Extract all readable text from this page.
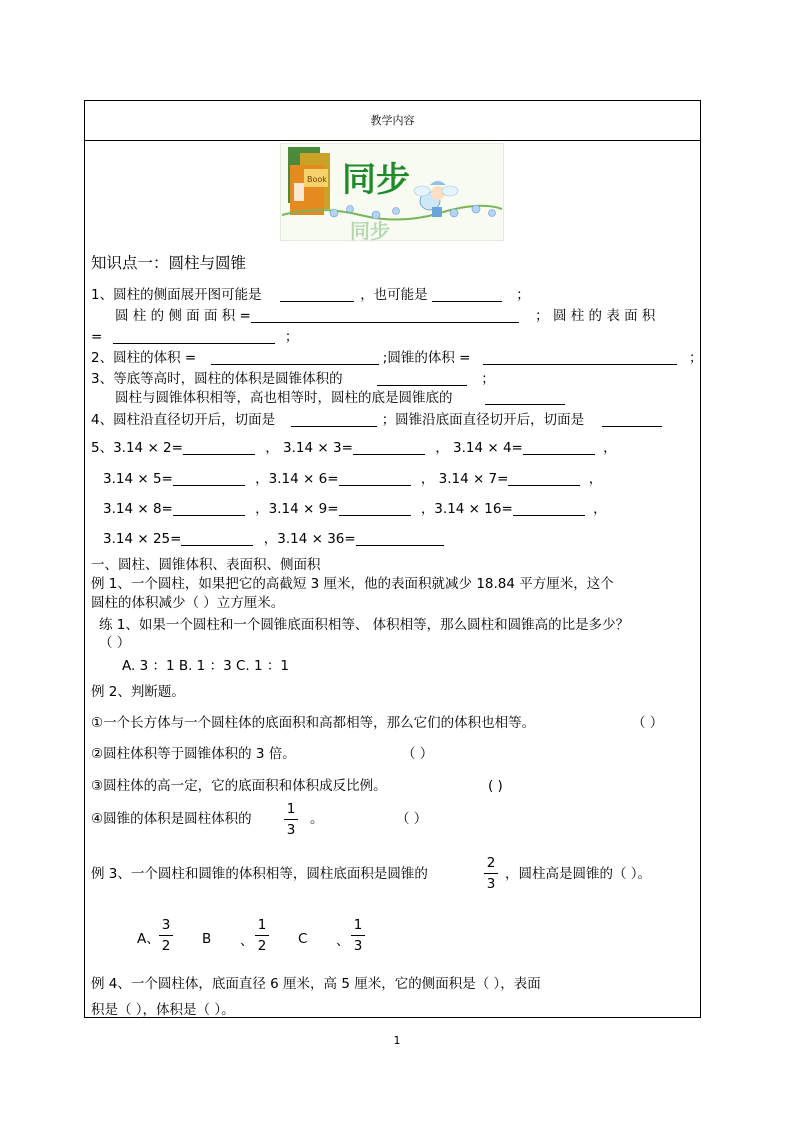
教学内容
Book 同步
同步
知识点一：圆柱与圆锥
1、圆柱的侧面展开图可能是	，也可能是	；
圆 柱 的 侧 面 面 积 =	； 圆 柱 的 表 面 积
=	；
2、圆柱的体积 =	;圆锥的体积 =	；
3、等底等高时，圆柱的体积是圆锥体积的	；
圆柱与圆锥体积相等，高也相等时，圆柱的底是圆锥底的
4、圆柱沿直径切开后，切面是	；圆锥沿底面直径切开后，切面是
5、3.14 × 2=	， 3.14 × 3=	， 3.14 × 4=	，
3.14 × 5=	，3.14 × 6=	， 3.14 × 7=	，
3.14 × 8=	，3.14 × 9=	，3.14 × 16=	，
3.14 × 25=	，3.14 × 36=
一、圆柱、圆锥体积、表面积、侧面积
例 1、一个圆柱，如果把它的高截短 3 厘米，他的表面积就减少 18.84 平方厘米，这个
圆柱的体积减少（ ）立方厘米。
练 1、如果一个圆柱和一个圆锥底面积相等、 体积相等，那么圆柱和圆锥高的比是多少？
（ ）
A. 3 ：1 B. 1 ：3 C. 1 ：1
例 2、判断题。
①一个长方体与一个圆柱体的底面积和高都相等，那么它们的体积也相等。	（ ）
②圆柱体积等于圆锥体积的 3 倍。	（ ）
③圆柱体的高一定，它的底面积和体积成反比例。	( )
④圆锥的体积是圆柱体积的
1
3
。	（ ）
例 3、一个圆柱和圆锥的体积相等，圆柱底面积是圆锥的
2
3
，圆柱高是圆锥的（ ）。
A、
3
2 B 、
1
2 C 、
1
3
例 4、一个圆柱体，底面直径 6 厘米，高 5 厘米，它的侧面积是（ ），表面
积是（ ），体积是（ ）。
1
